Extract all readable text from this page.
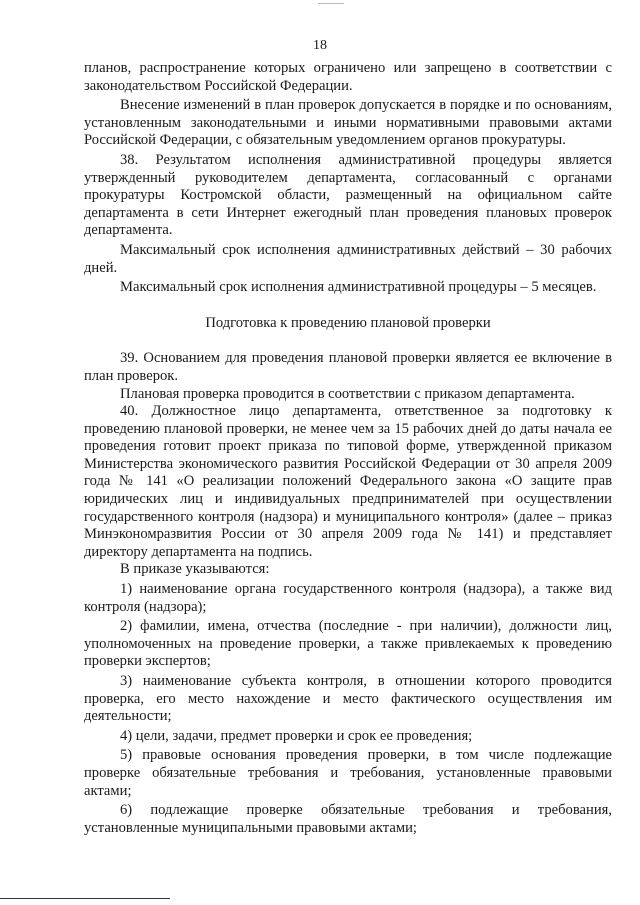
18

планов, распространение которых ограничено или запрещено в соответствии с законодательством Российской Федерации.

Внесение изменений в план проверок допускается в порядке и по основаниям, установленным законодательными и иными нормативными правовыми актами Российской Федерации, с обязательным уведомлением органов прокуратуры.

38. Результатом исполнения административной процедуры является утвержденный руководителем департамента, согласованный с органами прокуратуры Костромской области, размещенный на официальном сайте департамента в сети Интернет ежегодный план проведения плановых проверок департамента.

Максимальный срок исполнения административных действий – 30 рабочих дней.

Максимальный срок исполнения административной процедуры – 5 месяцев.

Подготовка к проведению плановой проверки

39. Основанием для проведения плановой проверки является ее включение в план проверок.

Плановая проверка проводится в соответствии с приказом департамента.

40. Должностное лицо департамента, ответственное за подготовку к проведению плановой проверки, не менее чем за 15 рабочих дней до даты начала ее проведения готовит проект приказа по типовой форме, утвержденной приказом Министерства экономического развития Российской Федерации от 30 апреля 2009 года № 141 «О реализации положений Федерального закона «О защите прав юридических лиц и индивидуальных предпринимателей при осуществлении государственного контроля (надзора) и муниципального контроля» (далее – приказ Минэкономразвития России от 30 апреля 2009 года № 141) и представляет директору департамента на подпись.

В приказе указываются:

1) наименование органа государственного контроля (надзора), а также вид контроля (надзора);

2) фамилии, имена, отчества (последние - при наличии), должности лиц, уполномоченных на проведение проверки, а также привлекаемых к проведению проверки экспертов;

3) наименование субъекта контроля, в отношении которого проводится проверка, его место нахождение и место фактического осуществления им деятельности;

4) цели, задачи, предмет проверки и срок ее проведения;

5) правовые основания проведения проверки, в том числе подлежащие проверке обязательные требования и требования, установленные правовыми актами;

6) подлежащие проверке обязательные требования и требования, установленные муниципальными правовыми актами;
